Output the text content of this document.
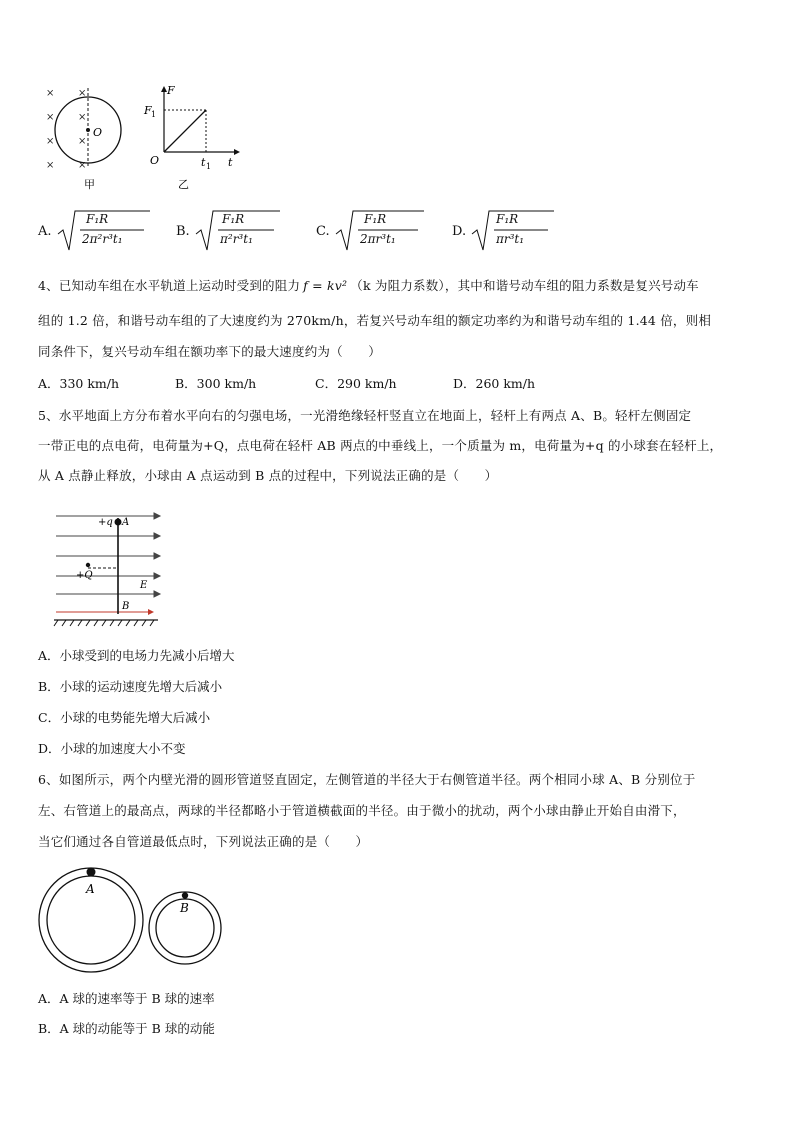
×
×
×
×
×
×
×
×
O
甲
F
t
F 1
t 1
O
乙
A.
F₁R
2π²r³t₁	B.
F₁R
π²r³t₁	C.
F₁R
2πr³t₁	D.
F₁R
πr³t₁
4、已知动车组在水平轨道上运动时受到的阻力 f = kv² （k 为阻力系数），其中和谐号动车组的阻力系数是复兴号动车
组的 1.2 倍，和谐号动车组的了大速度约为 270km/h，若复兴号动车组的额定功率约为和谐号动车组的 1.44 倍，则相
同条件下，复兴号动车组在额功率下的最大速度约为（　　）
A．330 km/h	B．300 km/h	C．290 km/h	D．260 km/h
5、水平地面上方分布着水平向右的匀强电场，一光滑绝缘轻杆竖直立在地面上，轻杆上有两点 A、B。轻杆左侧固定
一带正电的点电荷，电荷量为+Q，点电荷在轻杆 AB 两点的中垂线上，一个质量为 m，电荷量为+q 的小球套在轻杆上，
从 A 点静止释放，小球由 A 点运动到 B 点的过程中，下列说法正确的是（　　）
+q A
+Q
E
B
A．小球受到的电场力先减小后增大
B．小球的运动速度先增大后减小
C．小球的电势能先增大后减小
D．小球的加速度大小不变
6、如图所示，两个内壁光滑的圆形管道竖直固定，左侧管道的半径大于右侧管道半径。两个相同小球 A、B 分别位于
左、右管道上的最高点，两球的半径都略小于管道横截面的半径。由于微小的扰动，两个小球由静止开始自由滑下，
当它们通过各自管道最低点时，下列说法正确的是（　　）
A
B
A．A 球的速率等于 B 球的速率
B．A 球的动能等于 B 球的动能
